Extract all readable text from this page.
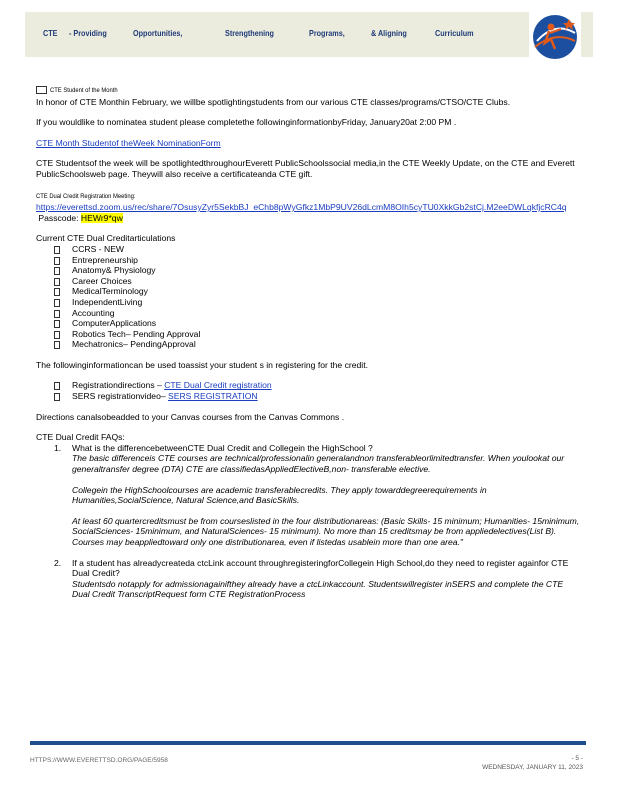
CTE - Providing	Opportunities,	Strengthening	Programs,	& Aligning	Curriculum

CTE Student of the Month

In honor of CTE Monthin February, we willbe spotlightingstudents from our various CTE classes/programs/CTSO/CTE Clubs.

If you wouldlike to nominatea student please completethe followinginformationbyFriday, January20at 2:00 PM .

CTE Month Studentof theWeek NominationForm

CTE Studentsof the week will be spotlightedthroughourEverett PublicSchoolssocial media,in the CTE Weekly Update, on the CTE and Everett PublicSchoolsweb page. Theywill also receive a certificateanda CTE gift.

CTE Dual Credit Registration Meeting:

https://everettsd.zoom.us/rec/share/7OsusyZyr5SekbBJ_eChb8pWyGfkz1MbP9UV26dLcmM8OIh5cyTU0XkkGb2stCj.M2eeDWLqkfjcRC4q

Passcode: HEWr9*qw

Current CTE Dual Creditarticulations

CCRS - NEW
Entrepreneurship
Anatomy& Physiology
Career Choices
MedicalTerminology
IndependentLiving
Accounting
ComputerApplications
Robotics Tech– Pending Approval
Mechatronics– PendingApproval

The followinginformationcan be used toassist your student s in registering for the credit.

Registrationdirections – CTE Dual Credit registration
SERS registrationvideo– SERS REGISTRATION

Directions canalsobeadded to your Canvas courses from the Canvas Commons .

CTE Dual Credit FAQs:

1. What is the differencebetweenCTE Dual Credit and Collegein the HighSchool ?
The basic differenceis CTE courses are technical/professionalin generalandnon transferableorlimitedtransfer. When youlookat our generaltransfer degree (DTA) CTE are classifiedasAppliedElectiveB,non- transferable elective.
Collegein the HighSchoolcourses are academic transferablecredits. They apply towarddegreerequirements in Humanities,SocialScience, Natural Science,and BasicSkills.
At least 60 quartercreditsmust be from courseslisted in the four distributionareas: (Basic Skills- 15 minimum; Humanities- 15minimum, SocialSciences- 15minimum, and NaturalSciences- 15 minimum). No more than 15 creditsmay be from appliedelectives(List B). Courses may beappliedtoward only one distributionarea, even if listedas usablein more than one area."
2. If a student has alreadycreateda ctcLink account throughregisteringforCollegein High School,do they need to register againfor CTE Dual Credit?
Studentsdo notapply for admissionagainifthey already have a ctcLinkaccount. Studentswillregister inSERS and complete the CTE Dual Credit TranscriptRequest form CTE RegistrationProcess
HTTPS://WWW.EVERETTSD.ORG/PAGE/5958	- 5 -
WEDNESDAY, JANUARY 11, 2023
